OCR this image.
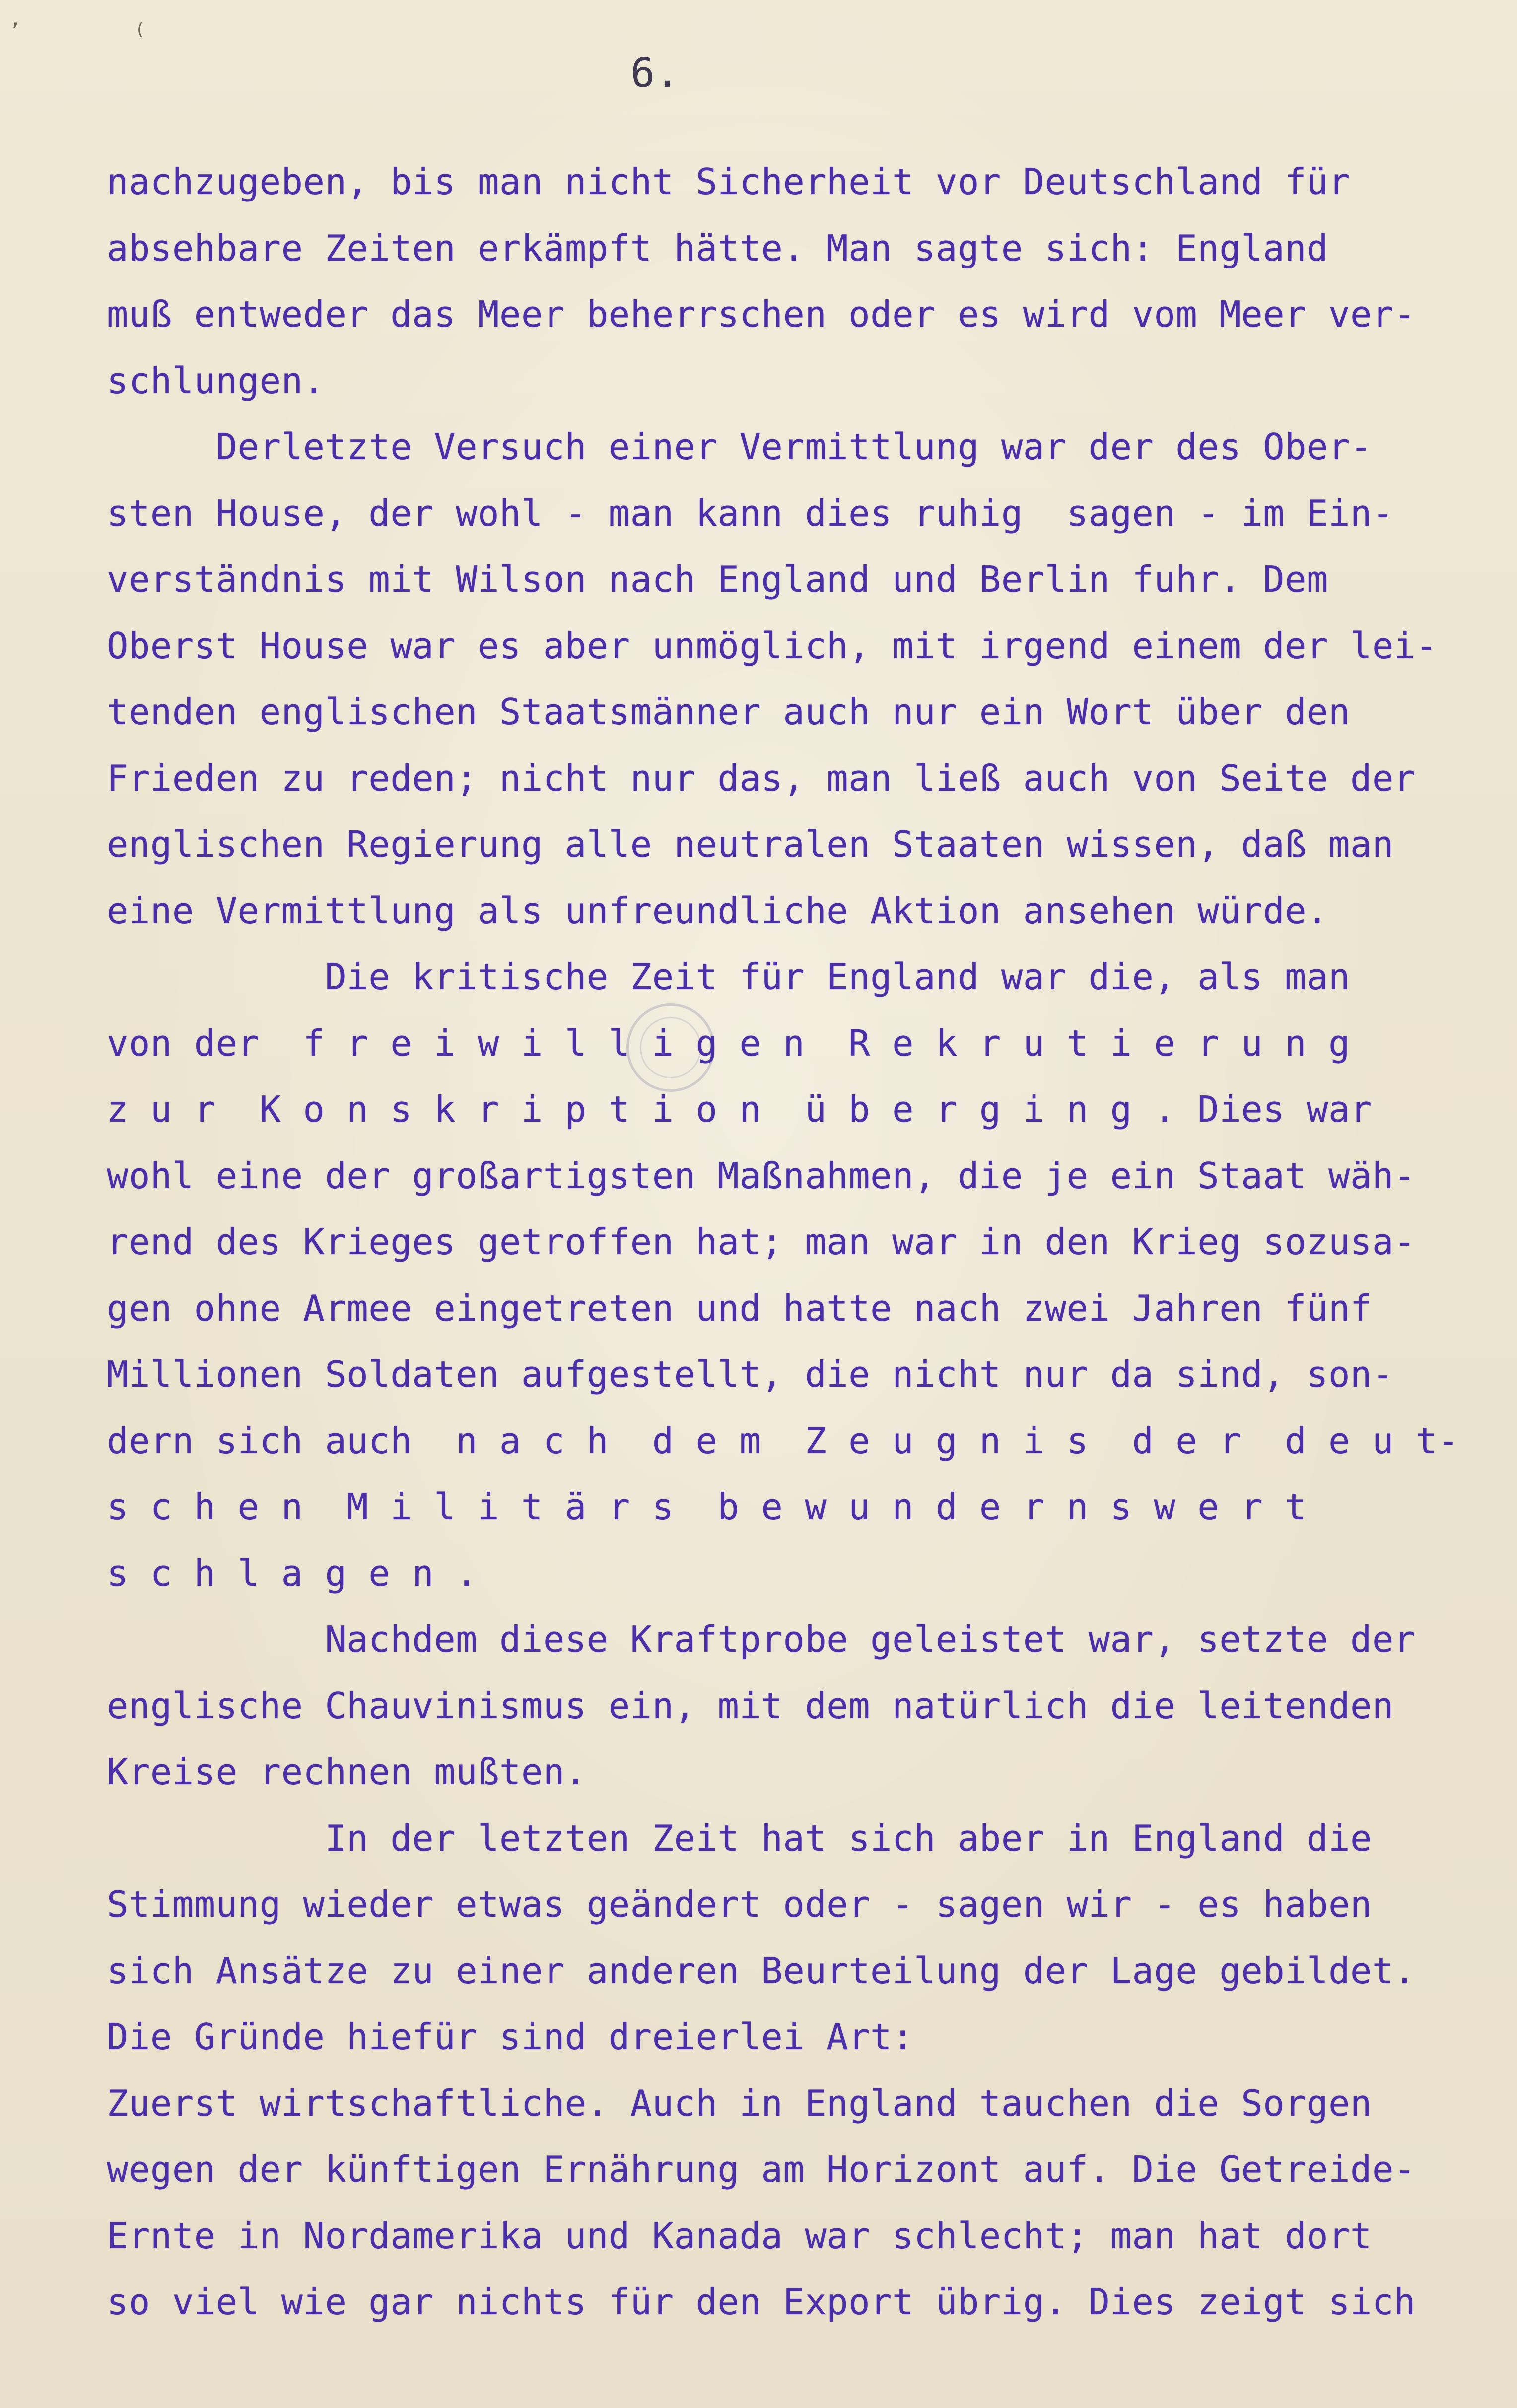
’	(
6.
nachzugeben, bis man nicht Sicherheit vor Deutschland für
absehbare Zeiten erkämpft hätte. Man sagte sich: England
muß entweder das Meer beherrschen oder es wird vom Meer ver-
schlungen.
Derletzte Versuch einer Vermittlung war der des Ober-
sten House, der wohl - man kann dies ruhig  sagen - im Ein-
verständnis mit Wilson nach England und Berlin fuhr. Dem
Oberst House war es aber unmöglich, mit irgend einem der lei-
tenden englischen Staatsmänner auch nur ein Wort über den
Frieden zu reden; nicht nur das, man ließ auch von Seite der
englischen Regierung alle neutralen Staaten wissen, daß man
eine Vermittlung als unfreundliche Aktion ansehen würde.
Die kritische Zeit für England war die, als man
von der  f r e i w i l l i g e n  R e k r u t i e r u n g
z u r  K o n s k r i p t i o n  ü b e r g i n g . Dies war
wohl eine der großartigsten Maßnahmen, die je ein Staat wäh-
rend des Krieges getroffen hat; man war in den Krieg sozusa-
gen ohne Armee eingetreten und hatte nach zwei Jahren fünf
Millionen Soldaten aufgestellt, die nicht nur da sind, son-
dern sich auch  n a c h  d e m  Z e u g n i s  d e r  d e u t-
s c h e n  M i l i t ä r s  b e w u n d e r n s w e r t
s c h l a g e n .
Nachdem diese Kraftprobe geleistet war, setzte der
englische Chauvinismus ein, mit dem natürlich die leitenden
Kreise rechnen mußten.
In der letzten Zeit hat sich aber in England die
Stimmung wieder etwas geändert oder - sagen wir - es haben
sich Ansätze zu einer anderen Beurteilung der Lage gebildet.
Die Gründe hiefür sind dreierlei Art:
Zuerst wirtschaftliche. Auch in England tauchen die Sorgen
wegen der künftigen Ernährung am Horizont auf. Die Getreide-
Ernte in Nordamerika und Kanada war schlecht; man hat dort
so viel wie gar nichts für den Export übrig. Dies zeigt sich
